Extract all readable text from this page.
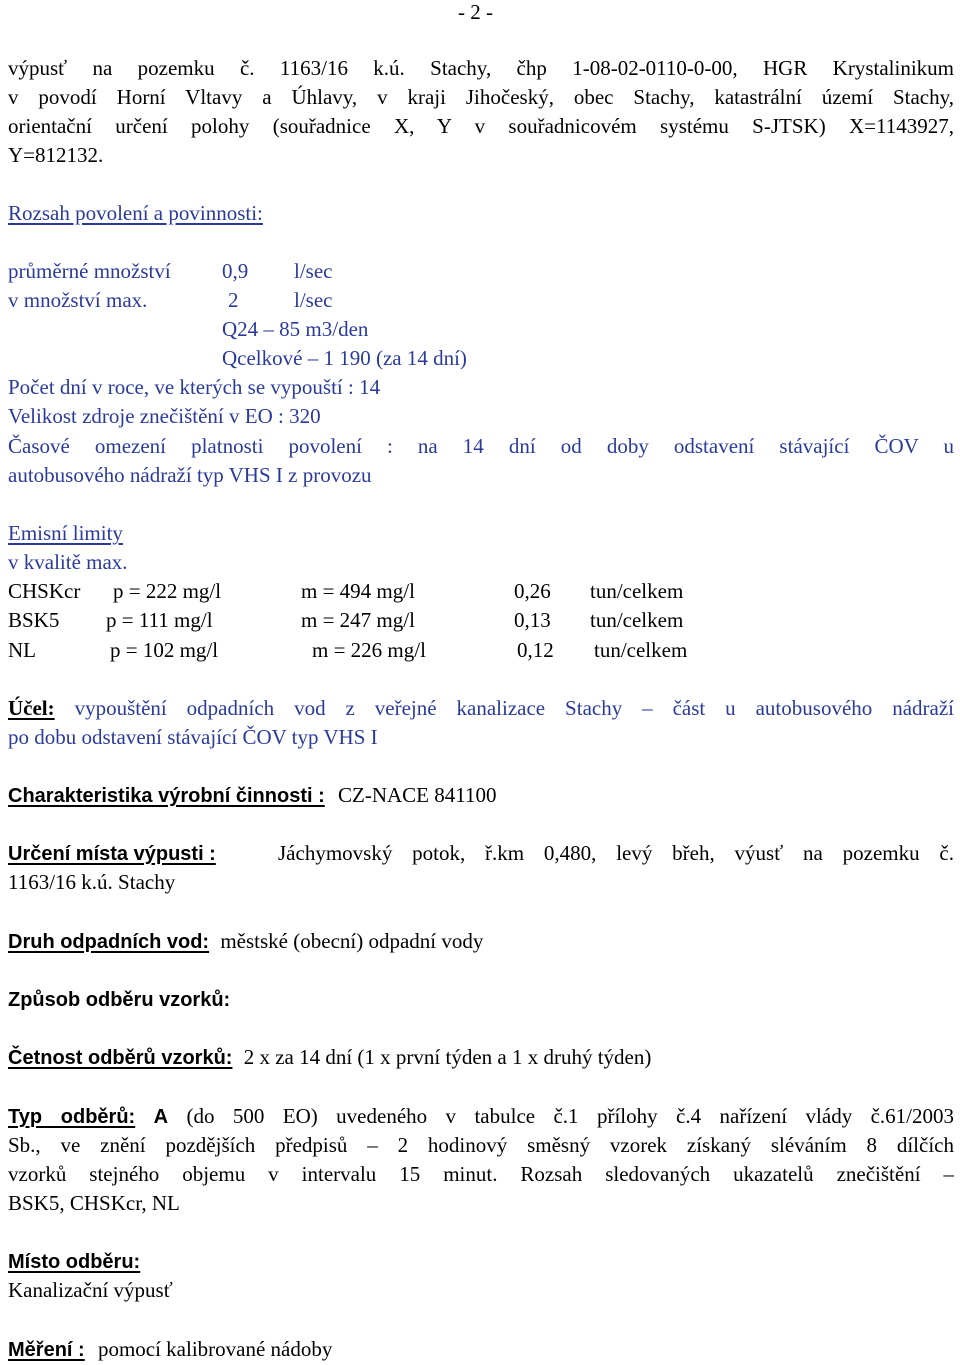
- 2 -
výpusť na pozemku č. 1163/16 k.ú. Stachy, čhp 1-08-02-0110-0-00, HGR Krystalinikum
v povodí Horní Vltavy a Úhlavy, v kraji Jihočeský, obec Stachy, katastrální území Stachy,
orientační určení polohy (souřadnice X, Y v souřadnicovém systému S-JTSK) X=1143927,
Y=812132.
Rozsah povolení a povinnosti:
průměrné množství 0,9 l/sec
v množství max.	2	l/sec
Q24 – 85 m3/den
Qcelkové – 1 190 (za 14 dní)
Počet dní v roce, ve kterých se vypouští : 14
Velikost zdroje znečištění v EO : 320
Časové omezení platnosti povolení : na 14 dní od doby odstavení stávající ČOV u
autobusového nádraží typ VHS I z provozu
Emisní limity
v kvalitě max.
CHSKcr p = 222 mg/l	m = 494 mg/l	0,26 tun/celkem
BSK5 p = 111 mg/l	m = 247 mg/l	0,13 tun/celkem
NL	p = 102 mg/l	m = 226 mg/l	0,12 tun/celkem
Účel: vypouštění odpadních vod z veřejné kanalizace Stachy – část u autobusového nádraží
po dobu odstavení stávající ČOV typ VHS I
Charakteristika výrobní činnosti : CZ-NACE 841100
Určení místa výpusti :	Jáchymovský potok, ř.km 0,480, levý břeh, výusť na pozemku č.
1163/16 k.ú. Stachy
Druh odpadních vod: městské (obecní) odpadní vody
Způsob odběru vzorků:
Četnost odběrů vzorků: 2 x za 14 dní (1 x první týden a 1 x druhý týden)
Typ odběrů: A (do 500 EO) uvedeného v tabulce č.1 přílohy č.4 nařízení vlády č.61/2003
Sb., ve znění pozdějších předpisů – 2 hodinový směsný vzorek získaný sléváním 8 dílčích
vzorků stejného objemu v intervalu 15 minut. Rozsah sledovaných ukazatelů znečištění –
BSK5, CHSKcr, NL
Místo odběru:
Kanalizační výpusť
Měření : pomocí kalibrované nádoby
